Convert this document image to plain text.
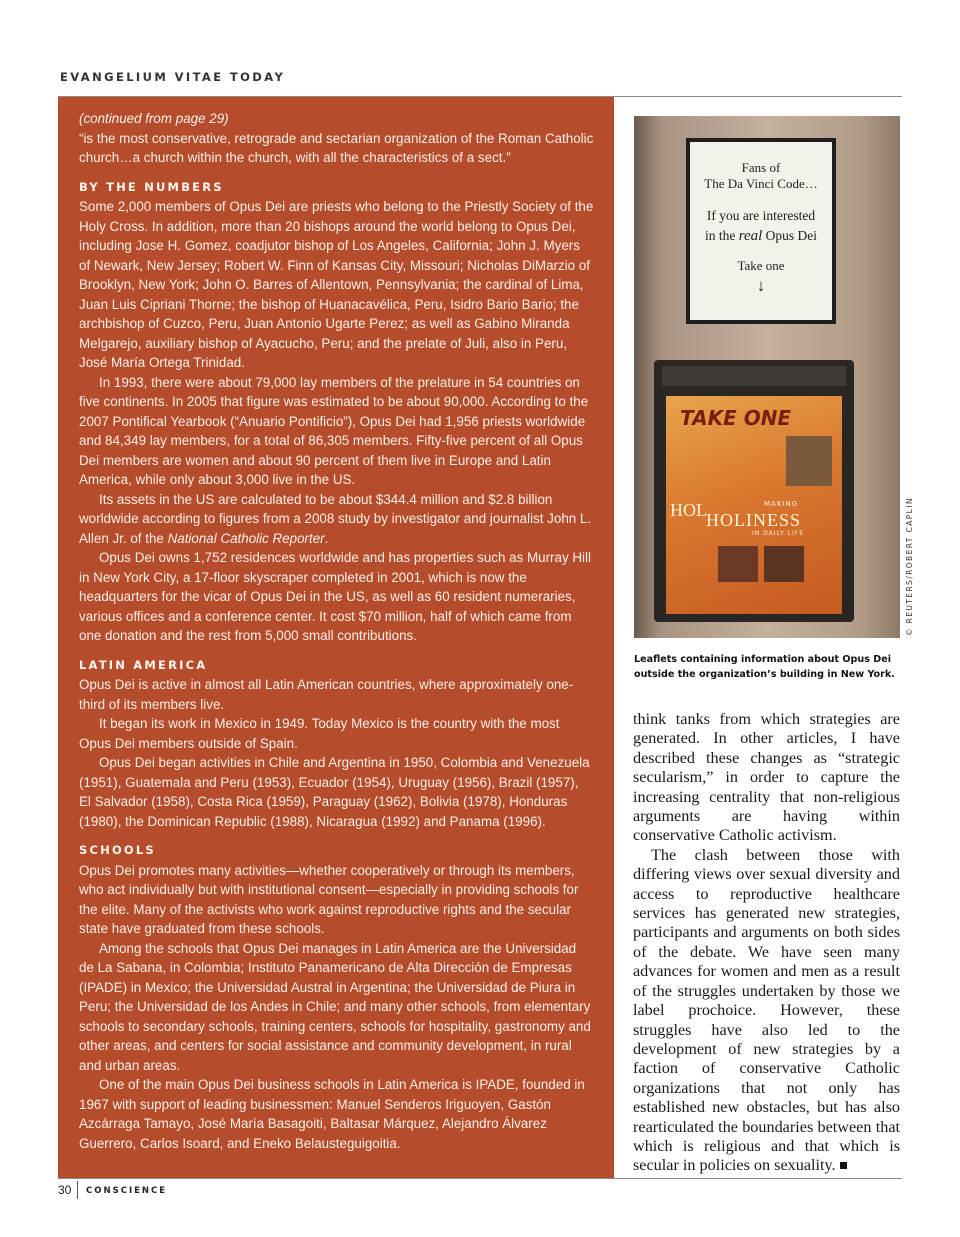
EVANGELIUM VITAE TODAY

(continued from page 29)

“is the most conservative, retrograde and sectarian organization of the Roman Catholic church…a church within the church, with all the characteristics of a sect.”

BY THE NUMBERS

Some 2,000 members of Opus Dei are priests who belong to the Priestly Society of the Holy Cross. In addition, more than 20 bishops around the world belong to Opus Dei, including Jose H. Gomez, coadjutor bishop of Los Angeles, California; John J. Myers of Newark, New Jersey; Robert W. Finn of Kansas City, Missouri; Nicholas DiMarzio of Brooklyn, New York; John O. Barres of Allentown, Pennsylvania; the cardinal of Lima, Juan Luis Cipriani Thorne; the bishop of Huanacavélica, Peru, Isidro Bario Bario; the archbishop of Cuzco, Peru, Juan Antonio Ugarte Perez; as well as Gabino Miranda Melgarejo, auxiliary bishop of Ayacucho, Peru; and the prelate of Juli, also in Peru, José María Ortega Trinidad.

In 1993, there were about 79,000 lay members of the prelature in 54 countries on five continents. In 2005 that figure was estimated to be about 90,000. According to the 2007 Pontifical Yearbook (“Anuario Pontificio”), Opus Dei had 1,956 priests worldwide and 84,349 lay members, for a total of 86,305 members. Fifty-five percent of all Opus Dei members are women and about 90 percent of them live in Europe and Latin America, while only about 3,000 live in the US.

Its assets in the US are calculated to be about $344.4 million and $2.8 billion worldwide according to figures from a 2008 study by investigator and journalist John L. Allen Jr. of the National Catholic Reporter.

Opus Dei owns 1,752 residences worldwide and has properties such as Murray Hill in New York City, a 17-floor skyscraper completed in 2001, which is now the headquarters for the vicar of Opus Dei in the US, as well as 60 resident numeraries, various offices and a conference center. It cost $70 million, half of which came from one donation and the rest from 5,000 small contributions.

LATIN AMERICA

Opus Dei is active in almost all Latin American countries, where approximately one-third of its members live.

It began its work in Mexico in 1949. Today Mexico is the country with the most Opus Dei members outside of Spain.

Opus Dei began activities in Chile and Argentina in 1950, Colombia and Venezuela (1951), Guatemala and Peru (1953), Ecuador (1954), Uruguay (1956), Brazil (1957), El Salvador (1958), Costa Rica (1959), Paraguay (1962), Bolivia (1978), Honduras (1980), the Dominican Republic (1988), Nicaragua (1992) and Panama (1996).

SCHOOLS

Opus Dei promotes many activities—whether cooperatively or through its members, who act individually but with institutional consent—especially in providing schools for the elite. Many of the activists who work against reproductive rights and the secular state have graduated from these schools.

Among the schools that Opus Dei manages in Latin America are the Universidad de La Sabana, in Colombia; Instituto Panamericano de Alta Dirección de Empresas (IPADE) in Mexico; the Universidad Austral in Argentina; the Universidad de Piura in Peru; the Universidad de los Andes in Chile; and many other schools, from elementary schools to secondary schools, training centers, schools for hospitality, gastronomy and other areas, and centers for social assistance and community development, in rural and urban areas.

One of the main Opus Dei business schools in Latin America is IPADE, founded in 1967 with support of leading businessmen: Manuel Senderos Iriguoyen, Gastón Azcárraga Tamayo, José María Basagoiti, Baltasar Márquez, Alejandro Álvarez Guerrero, Carlos Isoard, and Eneko Belausteguigoitia.

Fans of
The Da Vinci Code…
If you are interested
in the real Opus Dei
Take one
↓
TAKE ONE
MAKING
HOL HOLINESS
IN DAILY LIFE	© REUTERS/ROBERT CAPLIN
Leaflets containing information about Opus Dei outside the organization’s building in New York.

think tanks from which strategies are generated. In other articles, I have described these changes as “strategic secularism,” in order to capture the increasing centrality that non-religious arguments are having within conservative Catholic activism.

The clash between those with differing views over sexual diversity and access to reproductive healthcare services has generated new strategies, participants and arguments on both sides of the debate. We have seen many advances for women and men as a result of the struggles undertaken by those we label prochoice. However, these struggles have also led to the development of new strategies by a faction of conservative Catholic organizations that not only has established new obstacles, but has also rearticulated the boundaries between that which is religious and that which is secular in policies on sexuality.

30 CONSCIENCE
